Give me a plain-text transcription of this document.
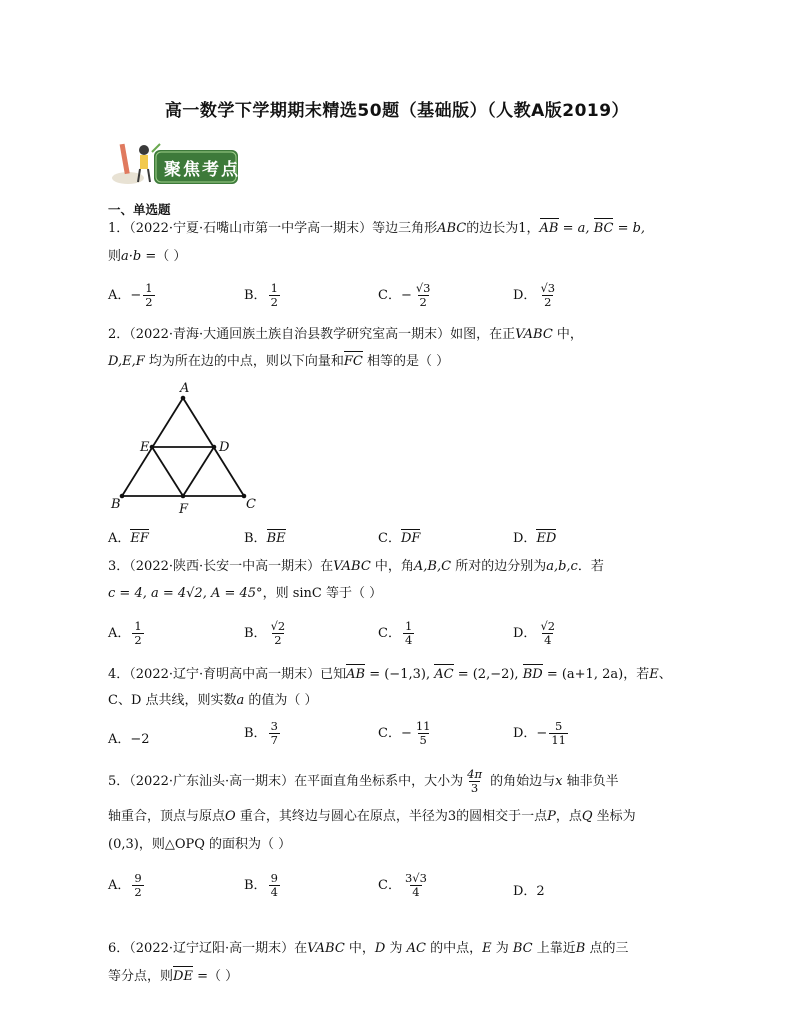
高一数学下学期期末精选50题（基础版）（人教A版2019）
聚焦考点
一、单选题
1．（2022·宁夏·石嘴山市第一中学高一期末）等边三角形ABC的边长为1，AB = a, BC = b,
则a·b =（ ）
A．− $\frac{1}{2}$	B． $\frac{1}{2}$	C．− $\frac{√3}{2}$	D． $\frac{√3}{2}$
2．（2022·青海·大通回族土族自治县教学研究室高一期末）如图，在正VABC 中，
D,E,F 均为所在边的中点，则以下向量和FC 相等的是（ ）
A
E	D
B	F	C
A．EF	B．BE	C．DF	D．ED
3．（2022·陕西·长安一中高一期末）在VABC 中，角A,B,C 所对的边分别为a,b,c．若
c = 4, a = 4√2, A = 45°，则 sinC 等于（ ）
A． $\frac{1}{2}$	B． $\frac{√2}{2}$	C． $\frac{1}{4}$	D． $\frac{√2}{4}$
4．（2022·辽宁·育明高中高一期末）已知AB = (−1,3), AC = (2,−2), BD = (a+1, 2a)，若E、
C、D 点共线，则实数a 的值为（ ）
A．−2	B． $\frac{3}{7}$	C．− $\frac{11}{5}$	D．− $\frac{5}{11}$
5．（2022·广东汕头·高一期末）在平面直角坐标系中，大小为 $\frac{4\pi}{3}$ 的角始边与x 轴非负半
轴重合，顶点与原点O 重合，其终边与圆心在原点，半径为3的圆相交于一点P，点Q 坐标为
(0,3)，则△OPQ 的面积为（ ）
A． $\frac{9}{2}$	B． $\frac{9}{4}$	C． $\frac{3√3}{4}$	D．2
6．（2022·辽宁辽阳·高一期末）在VABC 中，D 为 AC 的中点，E 为 BC 上靠近B 点的三
等分点，则DE =（ ）
